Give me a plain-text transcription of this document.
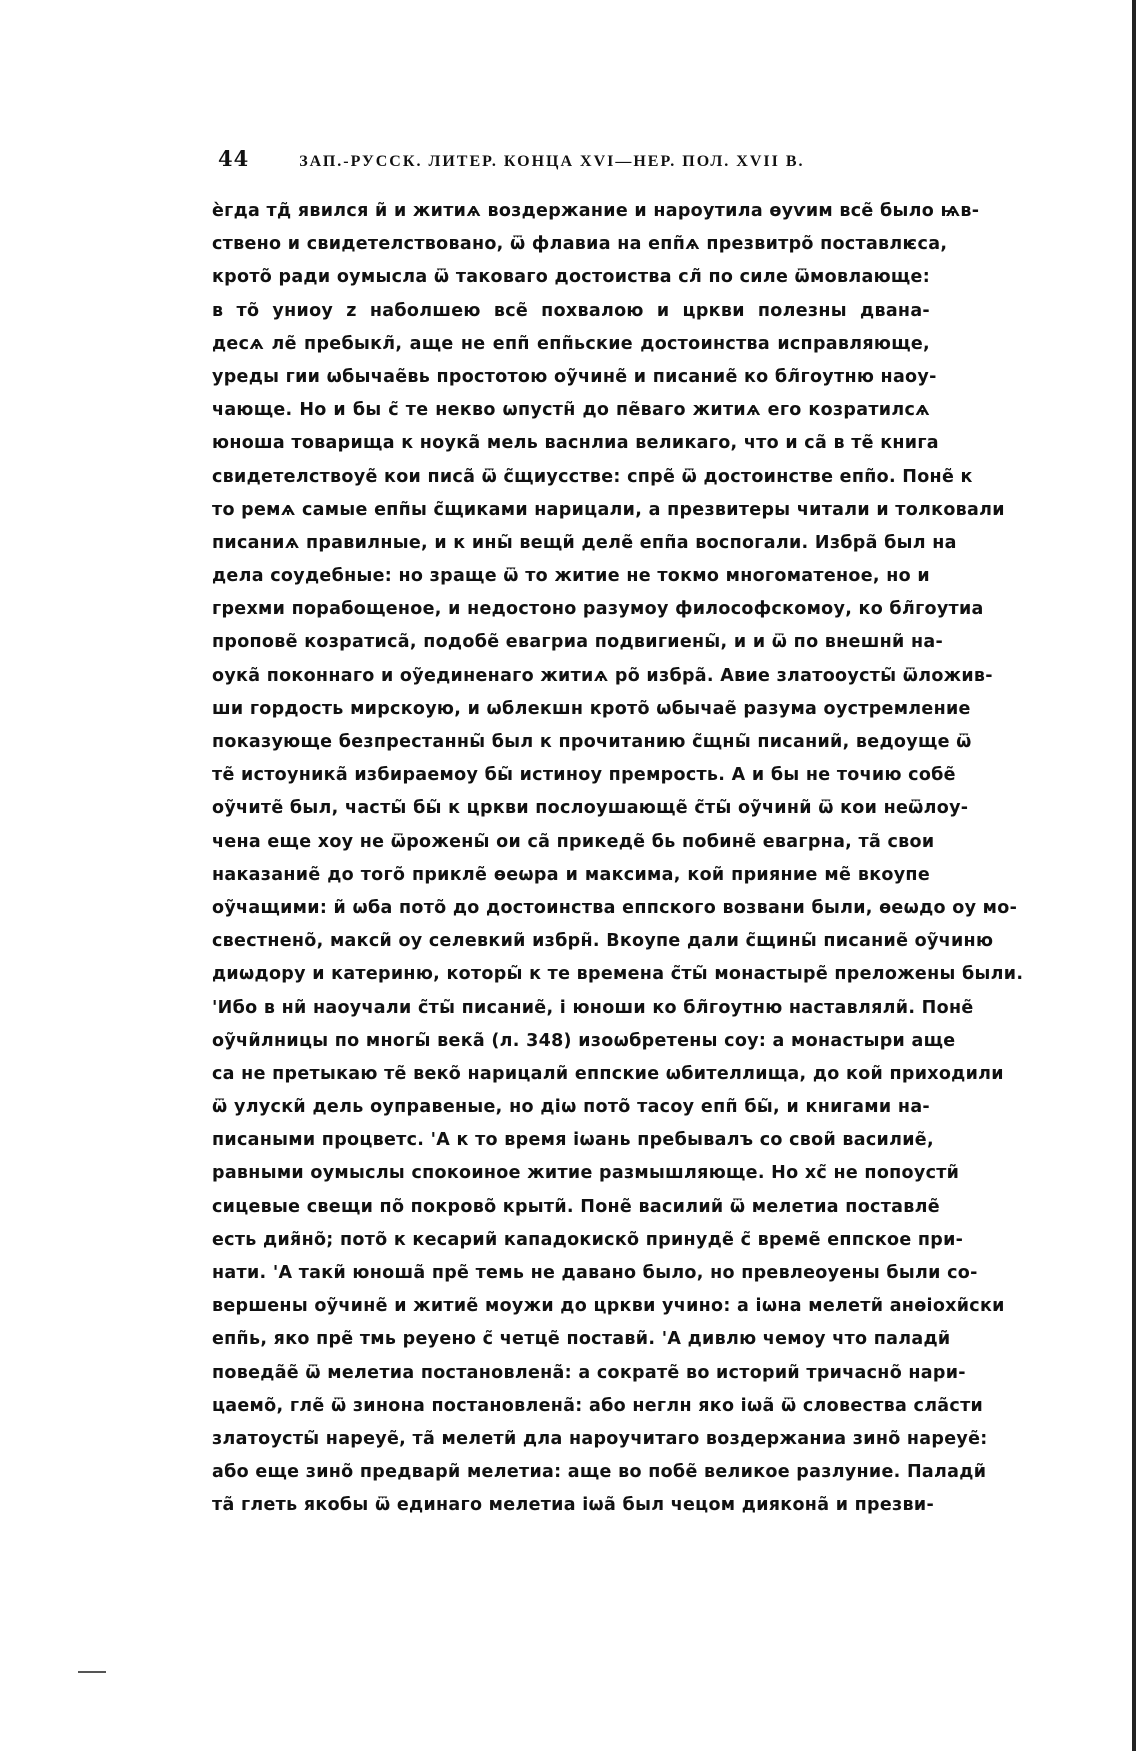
44	ЗАП.-РУССК. ЛИТЕР. КОНЦА XVI—НЕР. ПОЛ. XVII В.
ѐгда тд̃ явился и̃ и житиѧ воздержание и нароутила ѳуѵим все̃ было ѩв-
ствено и свидетелствовано, ѿ флавиа на епп̃ѧ презвитро̃ поставлѥса,
крото̃ ради оумысла ѿ таковаго достоиства сл̃ по силе ѿмовлающе:
в то̃ униоу z наболшею все̃ похвалою и цркви полезны двана-
десѧ ле̃ пребыкл̃, аще не епп̃ епп̃ьские достоинства исправляюще,
уреды гии ѡбычае̃вь простотою оу̃чине̃ и писание̃ ко бл̃гоутню наоу-
чающе. Но и бы с̃ те некво ѡпустн̃ до пе̃ваго житиѧ его козратилсѧ
юноша товарища к ноука̃ мель васнлиа великаго, что и са̃ в те̃ книга
свидетелствоуе̃ кои писа̃ ѿ с̃щиусстве: спре̃ ѿ достоинстве епп̃о. Поне̃ к
то ремѧ самые епп̃ы с̃щиками нарицали, а презвитеры читали и толковали
писаниѧ правилные, и к ины̃ вещи̃ деле̃ епп̃а воспогали. Избра̃ был на
дела соудебные: но зраще ѿ то житие не токмо многоматеное, но и
грехми порабощеное, и недостоно разумоу философскомоу, ко бл̃гоутиа
пропове̃ козратиса̃, подобе̃ евагриа подвигиены̃, и и ѿ по внешни̃ на-
оука̃ поконнаго и оу̃единенаго житиѧ ро̃ избра̃. Авие златооусты̃ ѿложив-
ши гордость мирскоую, и ѡблекшн крото̃ ѡбычае̃ разума оустремление
показующе безпрестанны̃ был к прочитанию с̃щны̃ писании̃, ведоуще ѿ
те̃ истоуника̃ избираемоу бы̃ истиноу премрость. А и бы не точию собе̃
оу̃чите̃ был, часты̃ бы̃ к цркви послоушающе̃ с̃ты̃ оу̃чини̃ ѿ кои неѿлоу-
чена еще хоу не ѿрожены̃ ои са̃ прикеде̃ бь побине̃ евагрна, та̃ свои
наказание̃ до того̃ прикле̃ ѳеѡра и максима, кои̃ прияние ме̃ вкоупе
оу̃чащими: и̃ ѡба пото̃ до достоинства еппского возвани были, ѳеѡдо оу мо-
свестнено̃, макси̃ оу селевкии̃ избрн̃. Вкоупе дали с̃щины̃ писание̃ оу̃чиню
диѡдору и катериню, которы̃ к те времена с̃ты̃ монастыре̃ преложены были.
'Ибо в ни̃ наоучали с̃ты̃ писание̃, і юноши ко бл̃гоутню наставляли̃. Поне̃
оу̃чи̃лницы по многы̃ века̃ (л. 348) изоѡбретены соу: а монастыри аще
са не претыкаю те̃ веко̃ нарицали̃ еппские ѡбителлища, до кои̃ приходили
ѿ улуски̃ дель оуправеные, но діѡ пото̃ тасоу епп̃ бы̃, и книгами на-
писаными процветс. 'А к то время іѡань пребывалъ со свои̃ василие̃,
равными оумыслы спокоиное житие размышляюще. Но хс̃ не попоусти̃
сицевые свещи по̃ покрово̃ крыти̃. Поне̃ василии̃ ѿ мелетиа поставле̃
есть дия̃но̃; пото̃ к кесарии̃ кападокиско̃ принуде̃ с̃ време̃ еппское при-
нати. 'А таки̃ юноша̃ пре̃ темь не давано было, но превлеоуены были со-
вершены оу̃чине̃ и житие̃ моужи до цркви учино: а іѡна мелети̃ анѳіохи̃ски
епп̃ь, яко пре̃ тмь реуено с̃ четце̃ постави̃. 'А дивлю чемоу что палади̃
поведа̃е̃ ѿ мелетиа постановлена̃: а сократе̃ во истории̃ тричасно̃ нари-
цаемо̃, гле̃ ѿ зинона постановлена̃: або неглн яко іѡа̃ ѿ словества сла̃сти
златоусты̃ нареуе̃, та̃ мелети̃ дла нароучитаго воздержаниа зино̃ нареуе̃:
або еще зино̃ предвари̃ мелетиа: аще во побе̃ великое разлуние. Палади̃
та̃ глеть якобы ѿ единаго мелетиа іѡа̃ был чецом диякона̃ и презви-
